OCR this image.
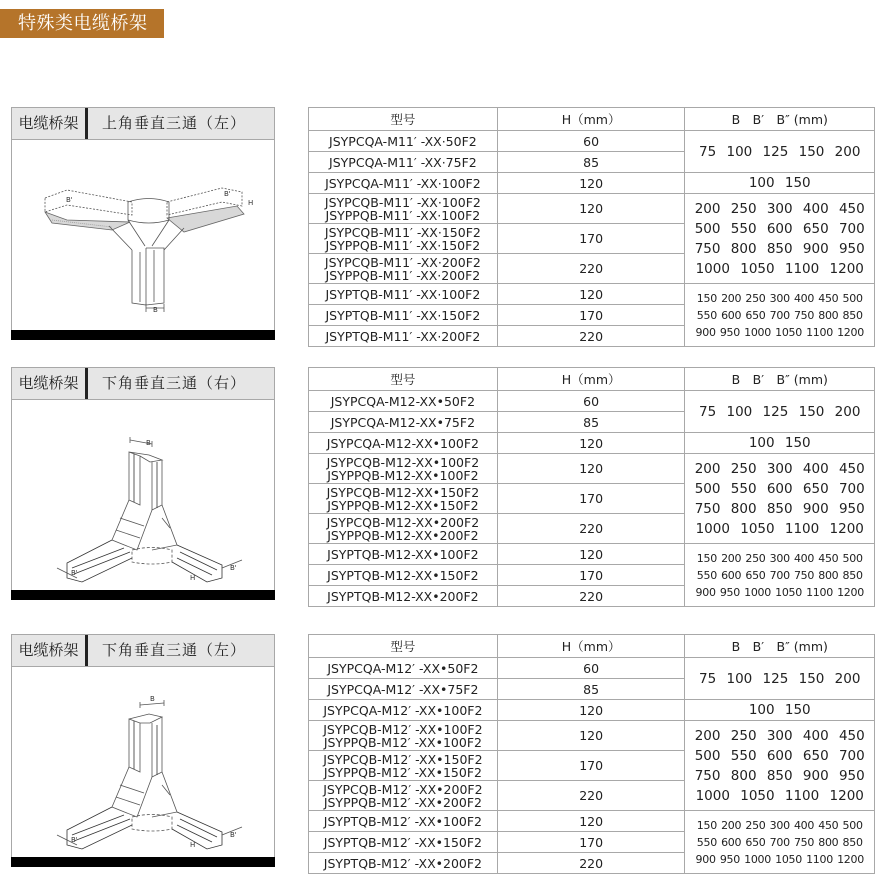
特殊类电缆桥架
电缆桥架	上角垂直三通（左）
B'
B'
H
B
型号	H（mm）	B　B′　B″ (mm)

JSYPCQA-M11′ -XX·50F2	60	75 100 125 150 200

JSYPCQA-M11′ -XX·75F2	85	

JSYPCQA-M11′ -XX·100F2	120	100 150

JSYPCQB-M11′ -XX·100F2
JSYPPQB-M11′ -XX·100F2	120	200 250 300 400 450
500 550 600 650 700
750 800 850 900 950
1000 1050 1100 1200

JSYPCQB-M11′ -XX·150F2
JSYPPQB-M11′ -XX·150F2	170	

JSYPCQB-M11′ -XX·200F2
JSYPPQB-M11′ -XX·200F2	220	

JSYPTQB-M11′ -XX·100F2	120	150 200 250 300 400 450 500
550 600 650 700 750 800 850
900 950 1000 1050 1100 1200

JSYPTQB-M11′ -XX·150F2	170	

JSYPTQB-M11′ -XX·200F2	220	
电缆桥架	下角垂直三通（右）
B
B'
B'
H
型号	H（mm）	B　B′　B″ (mm)

JSYPCQA-M12-XX•50F2	60	75 100 125 150 200

JSYPCQA-M12-XX•75F2	85	

JSYPCQA-M12-XX•100F2	120	100 150

JSYPCQB-M12-XX•100F2
JSYPPQB-M12-XX•100F2	120	200 250 300 400 450
500 550 600 650 700
750 800 850 900 950
1000 1050 1100 1200

JSYPCQB-M12-XX•150F2
JSYPPQB-M12-XX•150F2	170	

JSYPCQB-M12-XX•200F2
JSYPPQB-M12-XX•200F2	220	

JSYPTQB-M12-XX•100F2	120	150 200 250 300 400 450 500
550 600 650 700 750 800 850
900 950 1000 1050 1100 1200

JSYPTQB-M12-XX•150F2	170	

JSYPTQB-M12-XX•200F2	220	
电缆桥架	下角垂直三通（左）
B
B'
B'
H
型号	H（mm）	B　B′　B″ (mm)

JSYPCQA-M12′ -XX•50F2	60	75 100 125 150 200

JSYPCQA-M12′ -XX•75F2	85	

JSYPCQA-M12′ -XX•100F2	120	100 150

JSYPCQB-M12′ -XX•100F2
JSYPPQB-M12′ -XX•100F2	120	200 250 300 400 450
500 550 600 650 700
750 800 850 900 950
1000 1050 1100 1200

JSYPCQB-M12′ -XX•150F2
JSYPPQB-M12′ -XX•150F2	170	

JSYPCQB-M12′ -XX•200F2
JSYPPQB-M12′ -XX•200F2	220	

JSYPTQB-M12′ -XX•100F2	120	150 200 250 300 400 450 500
550 600 650 700 750 800 850
900 950 1000 1050 1100 1200

JSYPTQB-M12′ -XX•150F2	170	

JSYPTQB-M12′ -XX•200F2	220	
